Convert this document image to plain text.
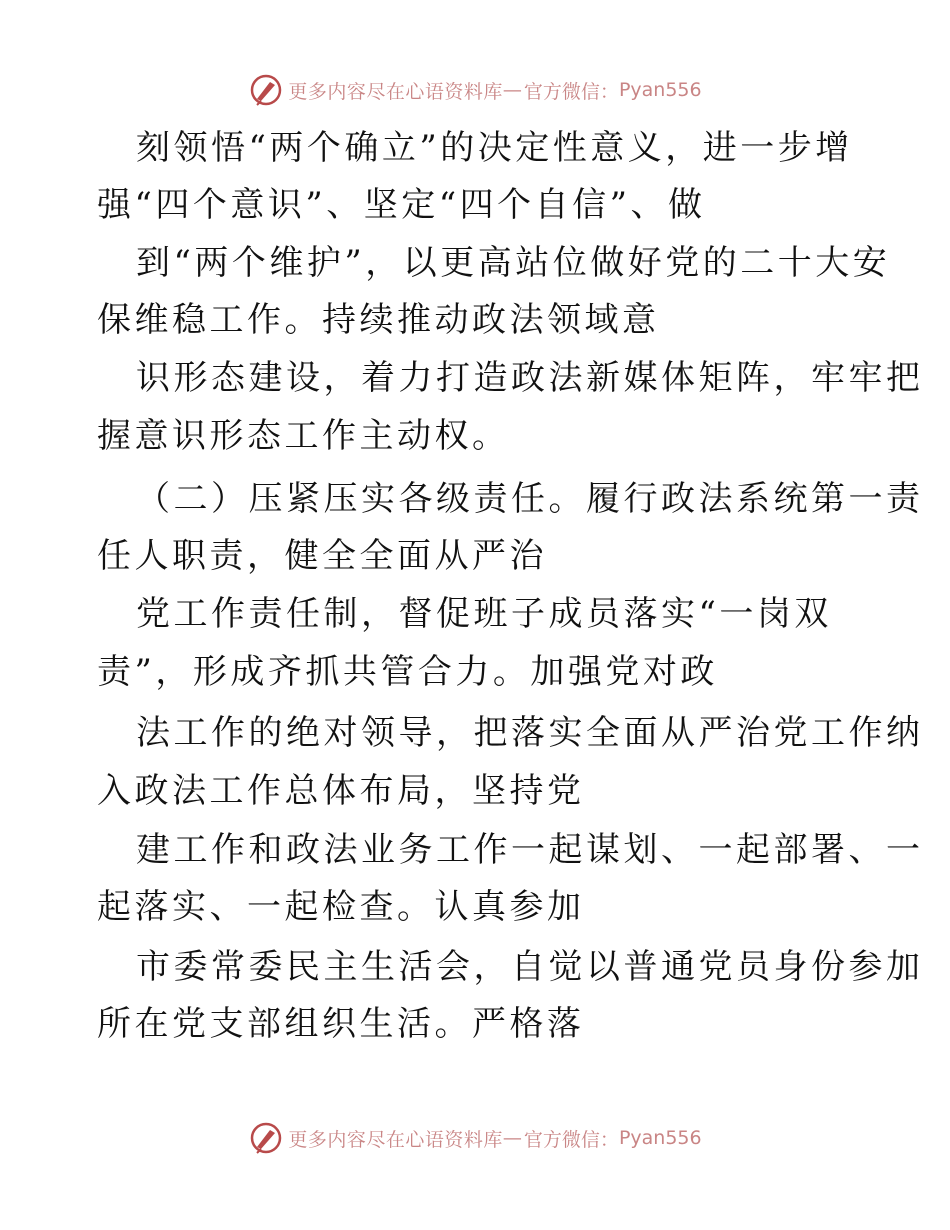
更多内容尽在心语资料库 — 官方微信： Pyan556
刻领悟“两个确立”的决定性意义，进一步增
强“四个意识”、坚定“四个自信”、做
到“两个维护”，以更高站位做好党的二十大安
保维稳工作。持续推动政法领域意
识形态建设，着力打造政法新媒体矩阵，牢牢把
握意识形态工作主动权。
（二）压紧压实各级责任。履行政法系统第一责
任人职责，健全全面从严治
党工作责任制，督促班子成员落实“一岗双
责”，形成齐抓共管合力。加强党对政
法工作的绝对领导，把落实全面从严治党工作纳
入政法工作总体布局，坚持党
建工作和政法业务工作一起谋划、一起部署、一
起落实、一起检查。认真参加
市委常委民主生活会，自觉以普通党员身份参加
所在党支部组织生活。严格落
更多内容尽在心语资料库 — 官方微信： Pyan556
